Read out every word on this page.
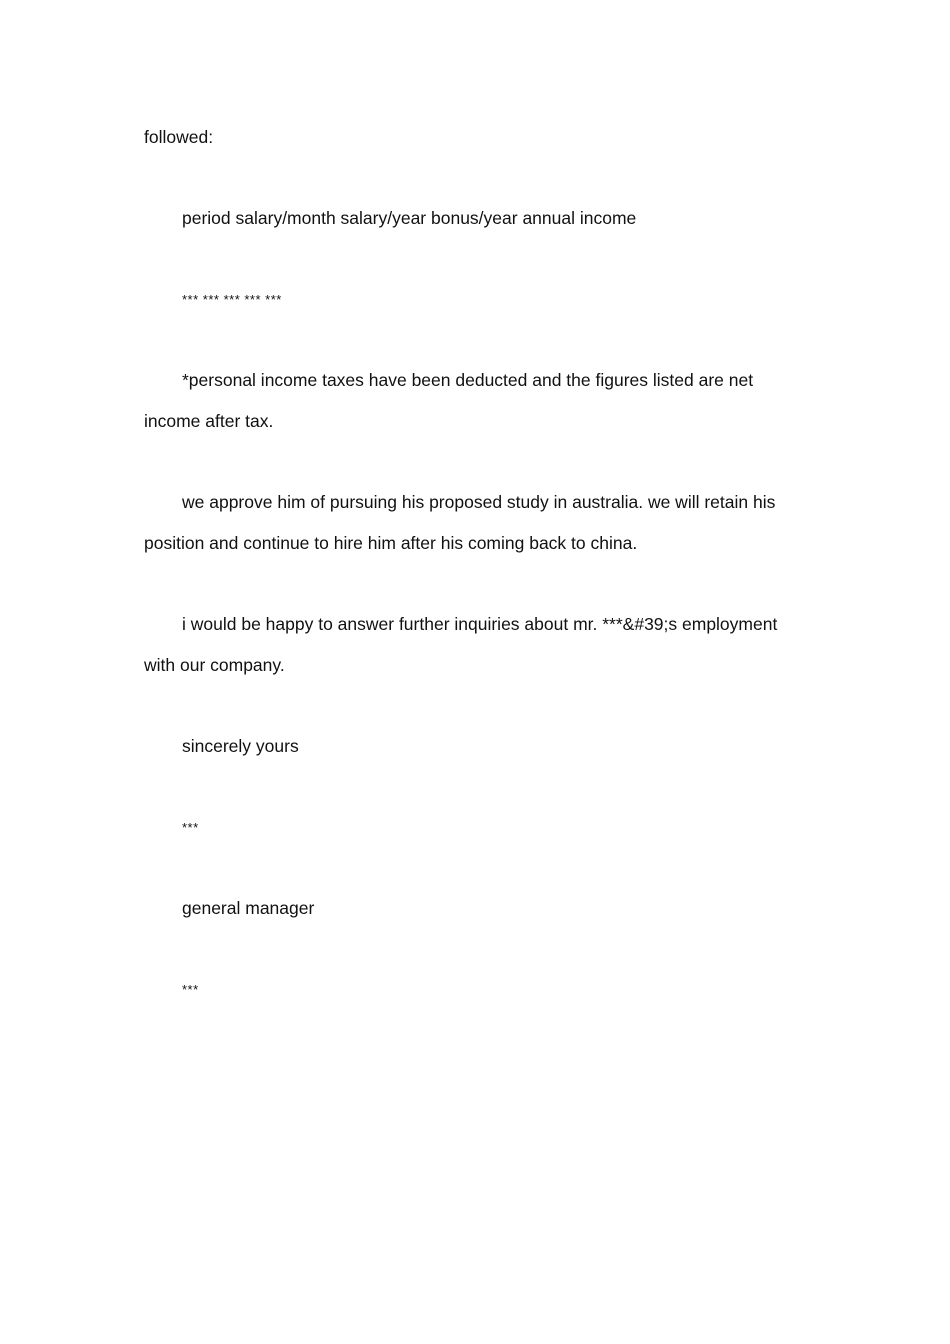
followed:
period salary/month salary/year bonus/year annual income
*** *** *** *** ***
*personal income taxes have been deducted and the figures listed are net
income after tax.
we approve him of pursuing his proposed study in australia. we will retain his
position and continue to hire him after his coming back to china.
i would be happy to answer further inquiries about mr. ***&#39;s employment
with our company.
sincerely yours
***
general manager
***
